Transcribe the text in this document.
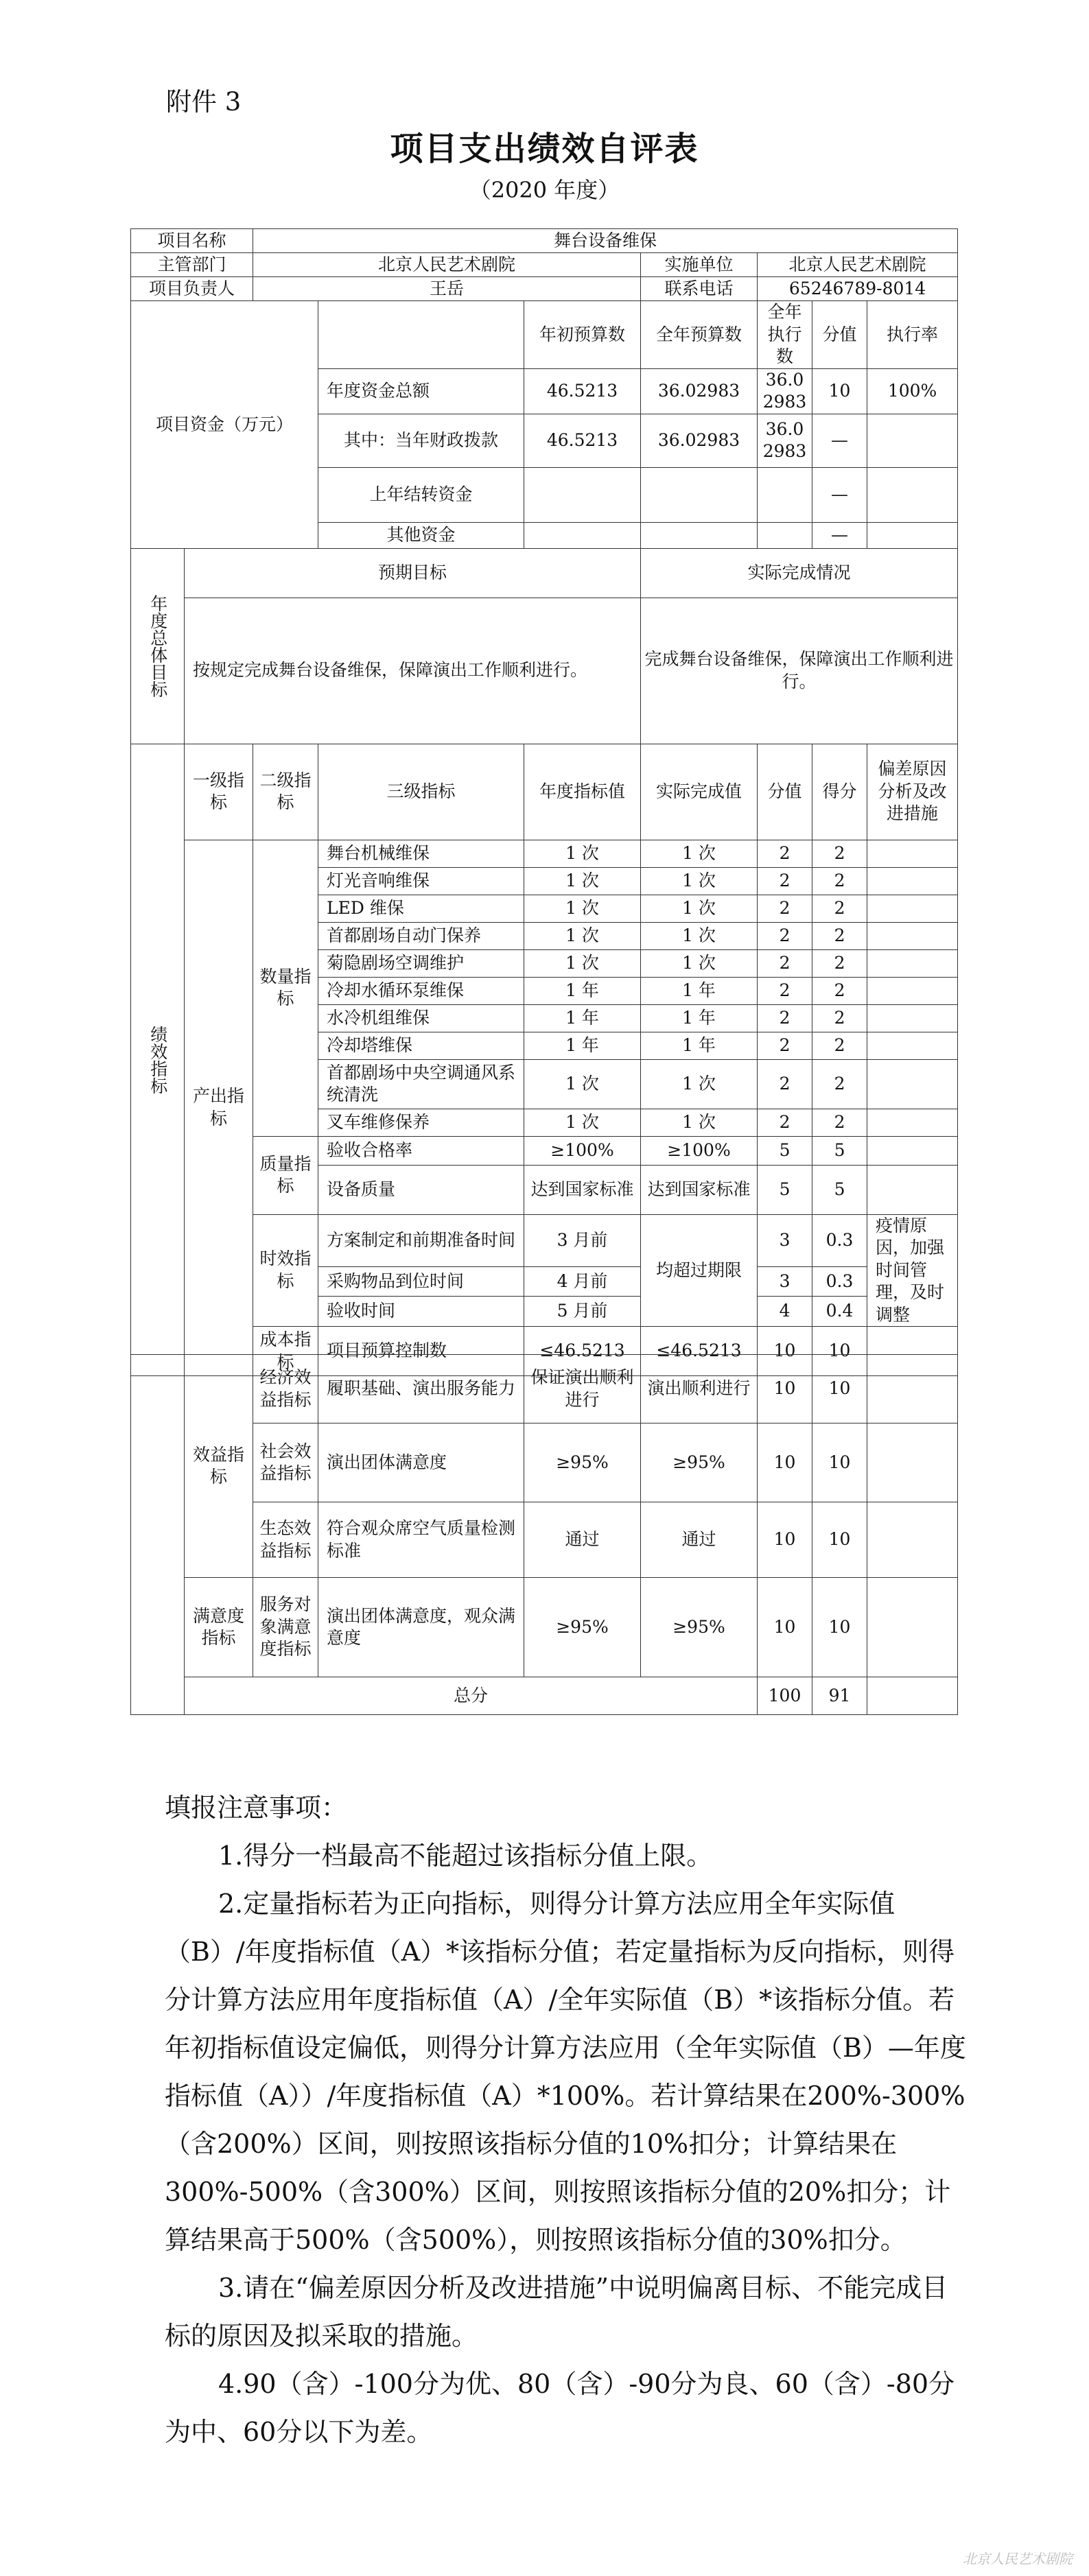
附件 3
项目支出绩效自评表
（2020 年度）
项目名称		舞台设备维保							
主管部门		北京人民艺术剧院			实施单位	北京人民艺术剧院			
项目负责人		王岳			联系电话	65246789-8014			
项目资金（万元）				年初预算数	全年预算数	全年执行数	分值	执行率	
			年度资金总额	46.5213	36.02983	36.02983	10	100%	
			其中：当年财政拨款	46.5213	36.02983	36.02983	—		
			上年结转资金				—		
			其他资金				—		
年度总体目标	预期目标				实际完成情况				
	按规定完成舞台设备维保，保障演出工作顺利进行。				完成舞台设备维保，保障演出工作顺利进行。				
绩效指标	一级指标	二级指标	三级指标	年度指标值	实际完成值	分值	得分	偏差原因分析及改进措施	
	产出指标	数量指标	舞台机械维保	1 次	1 次	2	2		
			灯光音响维保	1 次	1 次	2	2		
			LED 维保	1 次	1 次	2	2		
			首都剧场自动门保养	1 次	1 次	2	2		
			菊隐剧场空调维护	1 次	1 次	2	2		
			冷却水循环泵维保	1 年	1 年	2	2		
			水冷机组维保	1 年	1 年	2	2		
			冷却塔维保	1 年	1 年	2	2		
			首都剧场中央空调通风系统清洗	1 次	1 次	2	2		
			叉车维修保养	1 次	1 次	2	2		
		质量指标	验收合格率	≥100%	≥100%	5	5		
			设备质量	达到国家标准	达到国家标准	5	5		
		时效指标	方案制定和前期准备时间	3 月前	均超过期限	3	0.3	疫情原因，加强时间管理，及时调整	
			采购物品到位时间	4 月前		3	0.3		
			验收时间	5 月前		4	0.4		
		成本指标	项目预算控制数	≤46.5213	≤46.5213	10	10		
	效益指标	经济效益指标	履职基础、演出服务能力	保证演出顺利进行	演出顺利进行	10	10	
		社会效益指标	演出团体满意度	≥95%	≥95%	10	10	
		生态效益指标	符合观众席空气质量检测标准	通过	通过	10	10	
	满意度指标	服务对象满意度指标	演出团体满意度，观众满意度	≥95%	≥95%	10	10	
	总分					100	91	

填报注意事项：

1.得分一档最高不能超过该指标分值上限。

2.定量指标若为正向指标，则得分计算方法应用全年实际值（B）/年度指标值（A）*该指标分值；若定量指标为反向指标，则得分计算方法应用年度指标值（A）/全年实际值（B）*该指标分值。若年初指标值设定偏低，则得分计算方法应用（全年实际值（B）—年度指标值（A））/年度指标值（A）*100%。若计算结果在200%-300%（含200%）区间，则按照该指标分值的10%扣分；计算结果在300%-500%（含300%）区间，则按照该指标分值的20%扣分；计算结果高于500%（含500%），则按照该指标分值的30%扣分。

3.请在“偏差原因分析及改进措施”中说明偏离目标、不能完成目标的原因及拟采取的措施。

4.90（含）-100分为优、80（含）-90分为良、60（含）-80分为中、60分以下为差。

北京人民艺术剧院
